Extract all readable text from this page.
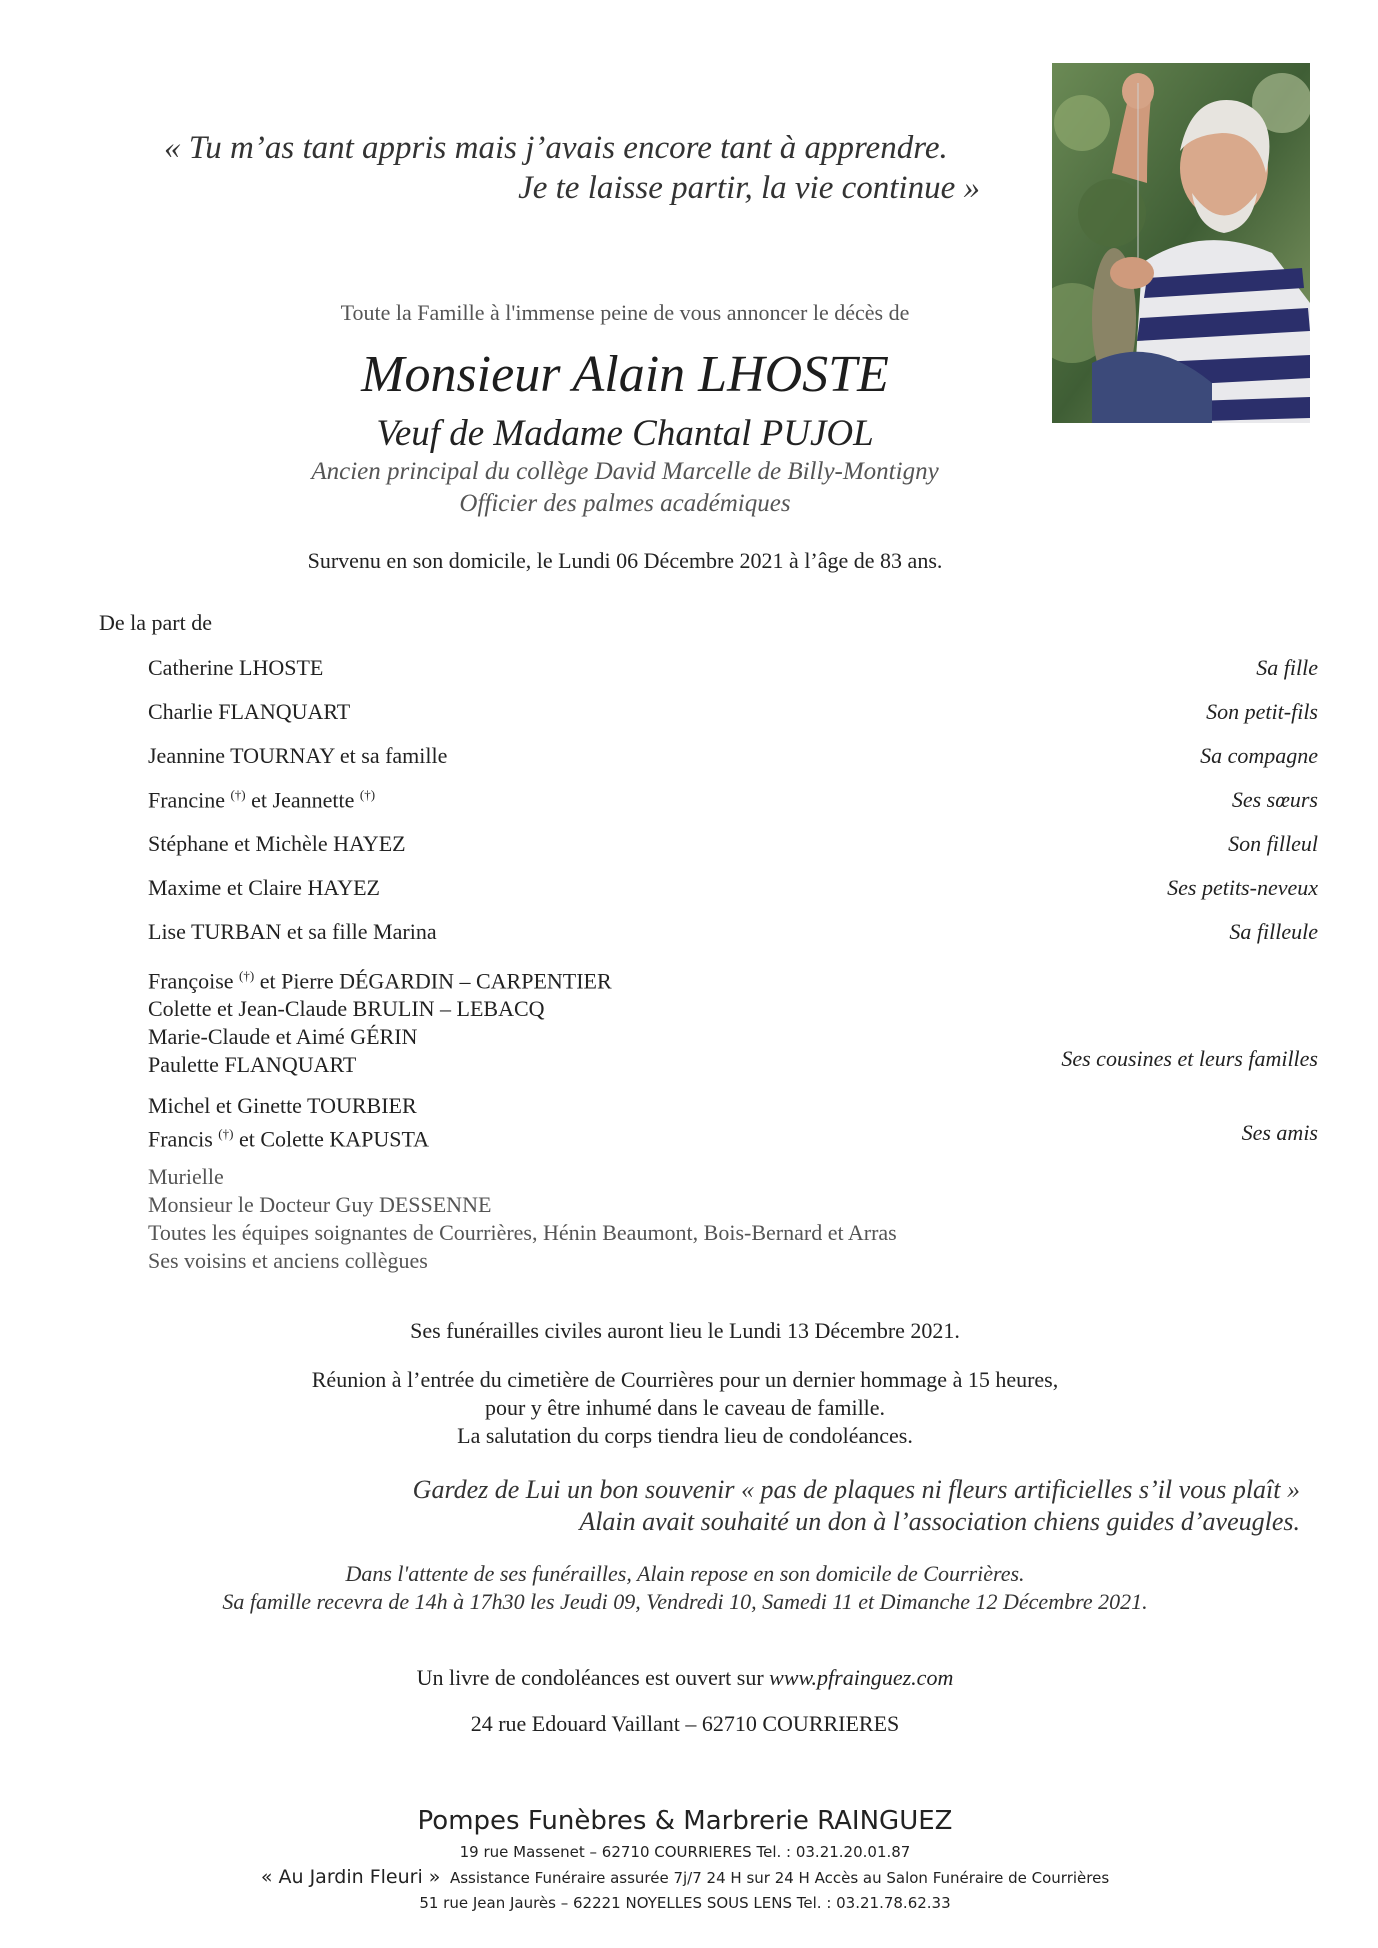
« Tu m’as tant appris mais j’avais encore tant à apprendre.
Je te laisse partir, la vie continue »
Toute la Famille à l'immense peine de vous annoncer le décès de
Monsieur Alain LHOSTE
Veuf de Madame Chantal PUJOL
Ancien principal du collège David Marcelle de Billy-Montigny
Officier des palmes académiques
Survenu en son domicile, le Lundi 06 Décembre 2021 à l’âge de 83 ans.
De la part de
Catherine LHOSTE	Sa fille
Charlie FLANQUART	Son petit-fils
Jeannine TOURNAY et sa famille	Sa compagne
Francine (†) et Jeannette (†)	Ses sœurs
Stéphane et Michèle HAYEZ	Son filleul
Maxime et Claire HAYEZ	Ses petits-neveux
Lise TURBAN et sa fille Marina	Sa filleule
Françoise (†) et Pierre DÉGARDIN – CARPENTIER
Colette et Jean-Claude BRULIN – LEBACQ
Marie-Claude et Aimé GÉRIN
Paulette FLANQUART	Ses cousines et leurs familles
Michel et Ginette TOURBIER
Francis (†) et Colette KAPUSTA	Ses amis
Murielle
Monsieur le Docteur Guy DESSENNE
Toutes les équipes soignantes de Courrières, Hénin Beaumont, Bois-Bernard et Arras
Ses voisins et anciens collègues
Ses funérailles civiles auront lieu le Lundi 13 Décembre 2021.
Réunion à l’entrée du cimetière de Courrières pour un dernier hommage à 15 heures,
pour y être inhumé dans le caveau de famille.
La salutation du corps tiendra lieu de condoléances.
Gardez de Lui un bon souvenir « pas de plaques ni fleurs artificielles s’il vous plaît »
Alain avait souhaité un don à l’association chiens guides d’aveugles.
Dans l'attente de ses funérailles, Alain repose en son domicile de Courrières.
Sa famille recevra de 14h à 17h30 les Jeudi 09, Vendredi 10, Samedi 11 et Dimanche 12 Décembre 2021.
Un livre de condoléances est ouvert sur www.pfrainguez.com
24 rue Edouard Vaillant – 62710 COURRIERES
Pompes Funèbres & Marbrerie RAINGUEZ
19 rue Massenet – 62710 COURRIERES Tel. : 03.21.20.01.87
« Au Jardin Fleuri » Assistance Funéraire assurée 7j/7 24 H sur 24 H Accès au Salon Funéraire de Courrières
51 rue Jean Jaurès – 62221 NOYELLES SOUS LENS Tel. : 03.21.78.62.33
